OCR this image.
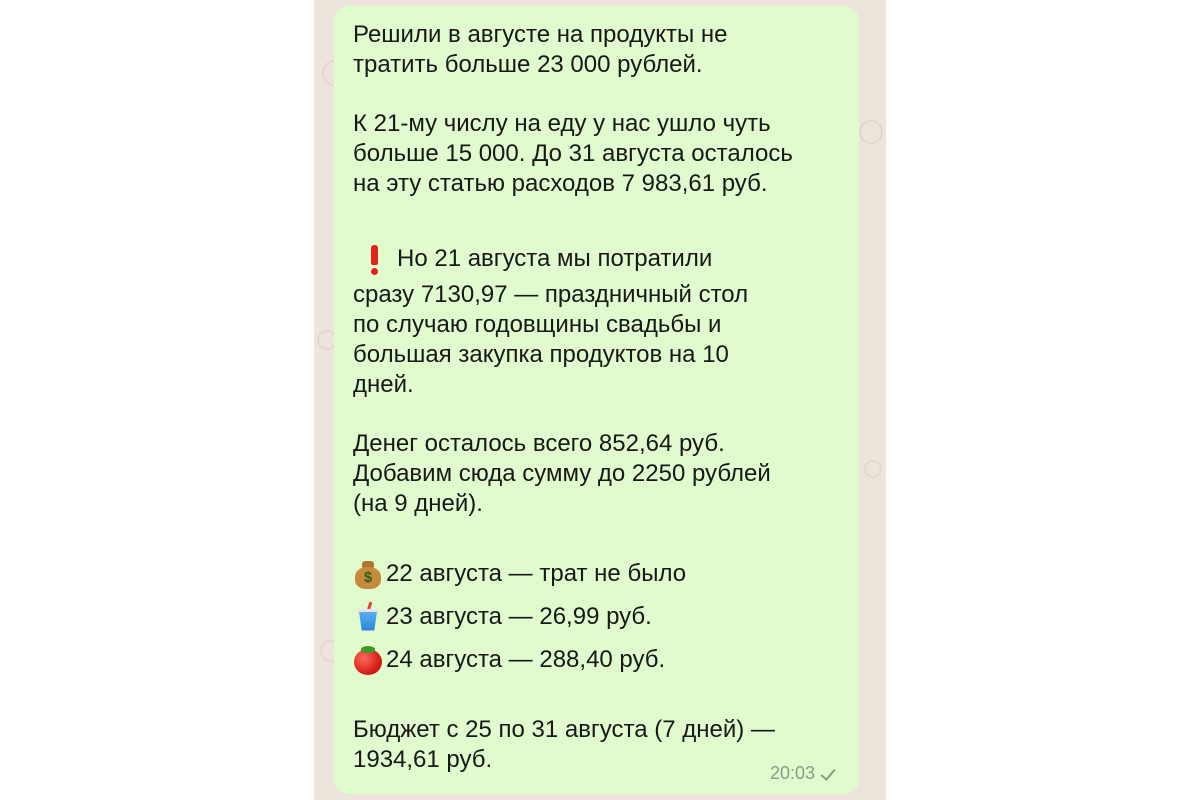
Решили в августе на продукты не

тратить больше 23 000 рублей.

К 21-му числу на еду у нас ушло чуть

больше 15 000. До 31 августа осталось

на эту статью расходов 7 983,61 руб.

Но 21 августа мы потратили

сразу 7130,97 — праздничный стол

по случаю годовщины свадьбы и

большая закупка продуктов на 10

дней.

Денег осталось всего 852,64 руб.

Добавим сюда сумму до 2250 рублей

(на 9 дней).

$ 22 августа — трат не было
23 августа — 26,99 руб.
24 августа — 288,40 руб.

Бюджет с 25 по 31 августа (7 дней) —

1934,61 руб.	20:03
